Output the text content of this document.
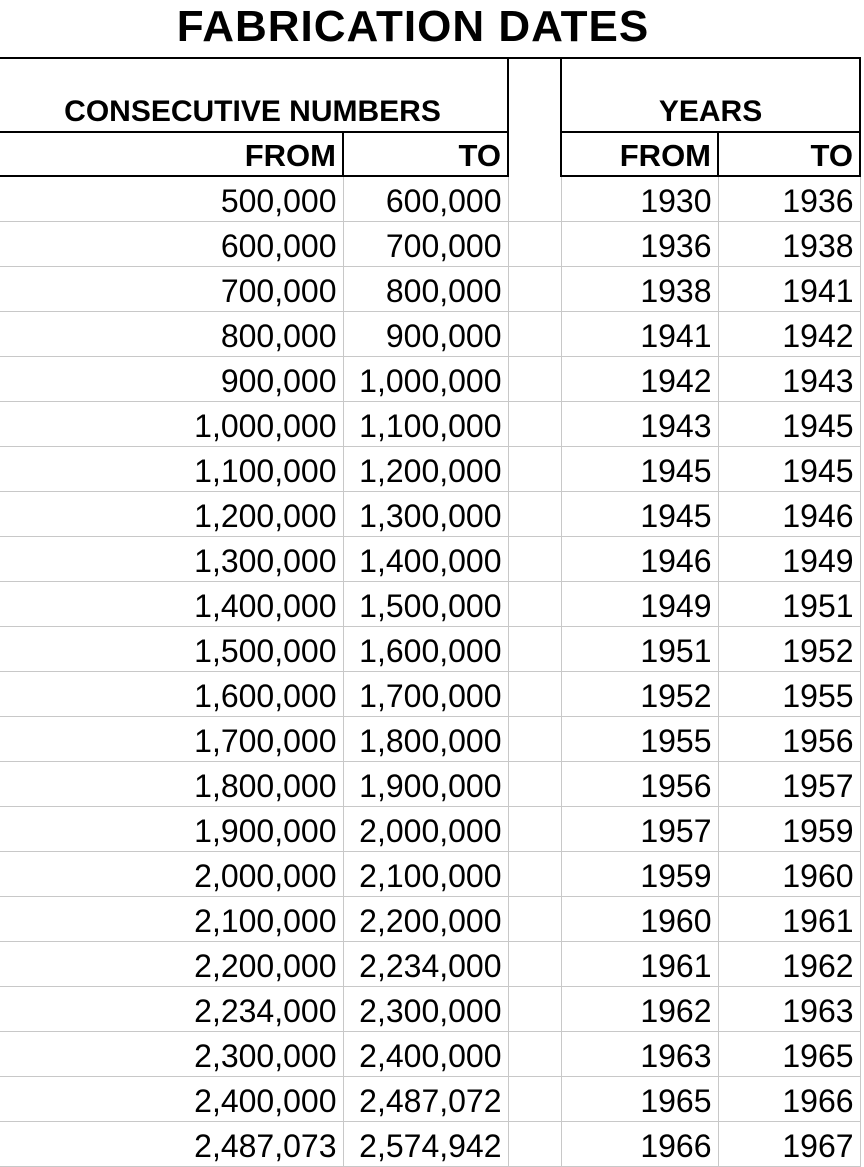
FABRICATION DATES
CONSECUTIVE NUMBERS			YEARS	
FROM	TO		FROM	TO
500,000	600,000		1930	1936
600,000	700,000		1936	1938
700,000	800,000		1938	1941
800,000	900,000		1941	1942
900,000	1,000,000		1942	1943
1,000,000	1,100,000		1943	1945
1,100,000	1,200,000		1945	1945
1,200,000	1,300,000		1945	1946
1,300,000	1,400,000		1946	1949
1,400,000	1,500,000		1949	1951
1,500,000	1,600,000		1951	1952
1,600,000	1,700,000		1952	1955
1,700,000	1,800,000		1955	1956
1,800,000	1,900,000		1956	1957
1,900,000	2,000,000		1957	1959
2,000,000	2,100,000		1959	1960
2,100,000	2,200,000		1960	1961
2,200,000	2,234,000		1961	1962
2,234,000	2,300,000		1962	1963
2,300,000	2,400,000		1963	1965
2,400,000	2,487,072		1965	1966
2,487,073	2,574,942		1966	1967
